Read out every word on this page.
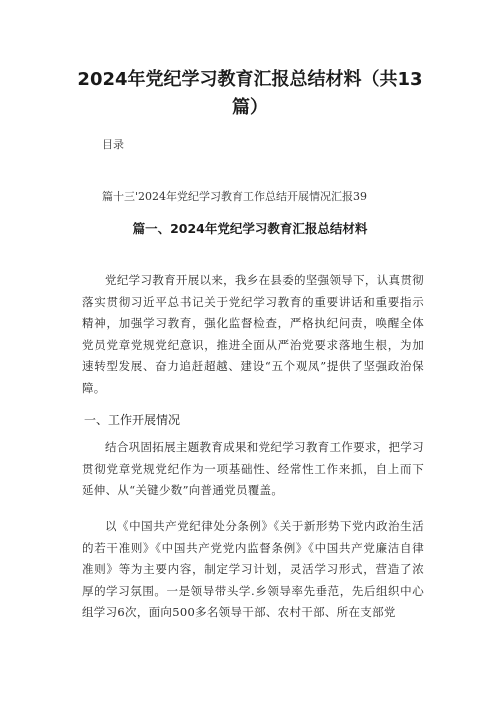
2024年党纪学习教育汇报总结材料（共13篇）
目录
篇十三'2024年党纪学习教育工作总结开展情况汇报39
篇一、2024年党纪学习教育汇报总结材料
党纪学习教育开展以来，我乡在县委的坚强领导下，认真贯彻落实贯彻习近平总书记关于党纪学习教育的重要讲话和重要指示精神，加强学习教育，强化监督检查，严格执纪问责，唤醒全体党员党章党规党纪意识，推进全面从严治党要求落地生根，为加速转型发展、奋力追赶超越、建设“五个观凤”提供了坚强政治保障。
一、工作开展情况
结合巩固拓展主题教育成果和党纪学习教育工作要求，把学习贯彻党章党规党纪作为一项基础性、经常性工作来抓，自上而下延伸、从“关键少数”向普通党员覆盖。
以《中国共产党纪律处分条例》《关于新形势下党内政治生活的若干准则》《中国共产党党内监督条例》《中国共产党廉洁自律准则》等为主要内容，制定学习计划，灵活学习形式，营造了浓厚的学习氛围。一是领导带头学.乡领导率先垂范，先后组织中心组学习6次，面向500多名领导干部、农村干部、所在支部党
